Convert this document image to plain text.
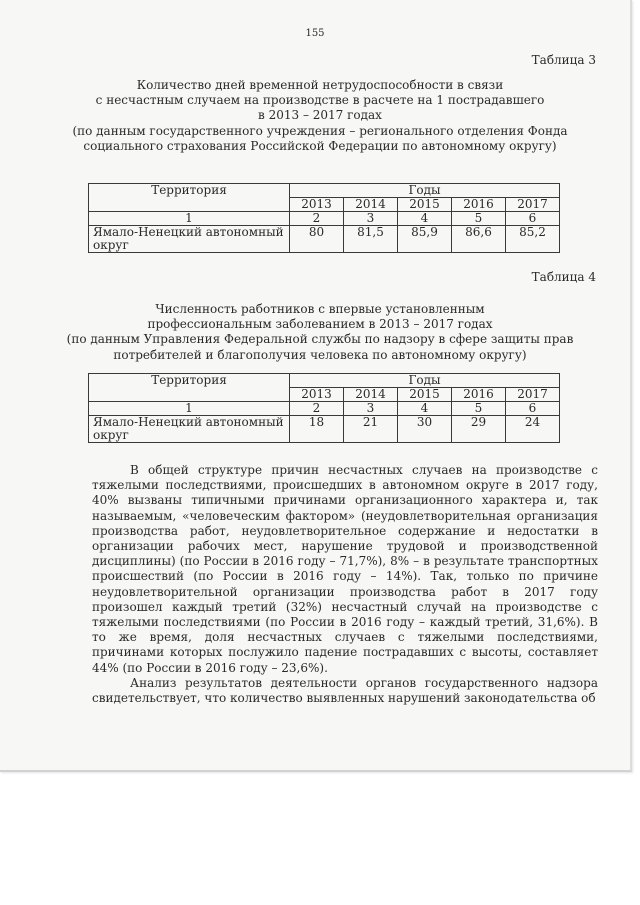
155
Таблица 3
Количество дней временной нетрудоспособности в связи
с несчастным случаем на производстве в расчете на 1 пострадавшего
в 2013 – 2017 годах
(по данным государственного учреждения – регионального отделения Фонда
социального страхования Российской Федерации по автономному округу)
Территория	Годы				
	2013	2014	2015	2016	2017
1	2	3	4	5	6
Ямало-Ненецкий автономный округ	80	81,5	85,9	86,6	85,2
Таблица 4
Численность работников с впервые установленным
профессиональным заболеванием в 2013 – 2017 годах
(по данным Управления Федеральной службы по надзору в сфере защиты прав
потребителей и благополучия человека по автономному округу)
Территория	Годы				
	2013	2014	2015	2016	2017
1	2	3	4	5	6
Ямало-Ненецкий автономный округ	18	21	30	29	24

В общей структуре причин несчастных случаев на производстве с тяжелыми последствиями, происшедших в автономном округе в 2017 году, 40% вызваны типичными причинами организационного характера и, так называемым, «человеческим фактором» (неудовлетворительная организация производства работ, неудовлетворительное содержание и недостатки в организации рабочих мест, нарушение трудовой и производственной дисциплины) (по России в 2016 году – 71,7%), 8% – в результате транспортных происшествий (по России в 2016 году – 14%). Так, только по причине неудовлетворительной организации производства работ в 2017 году произошел каждый третий (32%) несчастный случай на производстве с тяжелыми последствиями (по России в 2016 году – каждый третий, 31,6%). В то же время, доля несчастных случаев с тяжелыми последствиями, причинами которых послужило падение пострадавших с высоты, составляет 44% (по России в 2016 году – 23,6%).

Анализ результатов деятельности органов государственного надзора свидетельствует, что количество выявленных нарушений законодательства об
